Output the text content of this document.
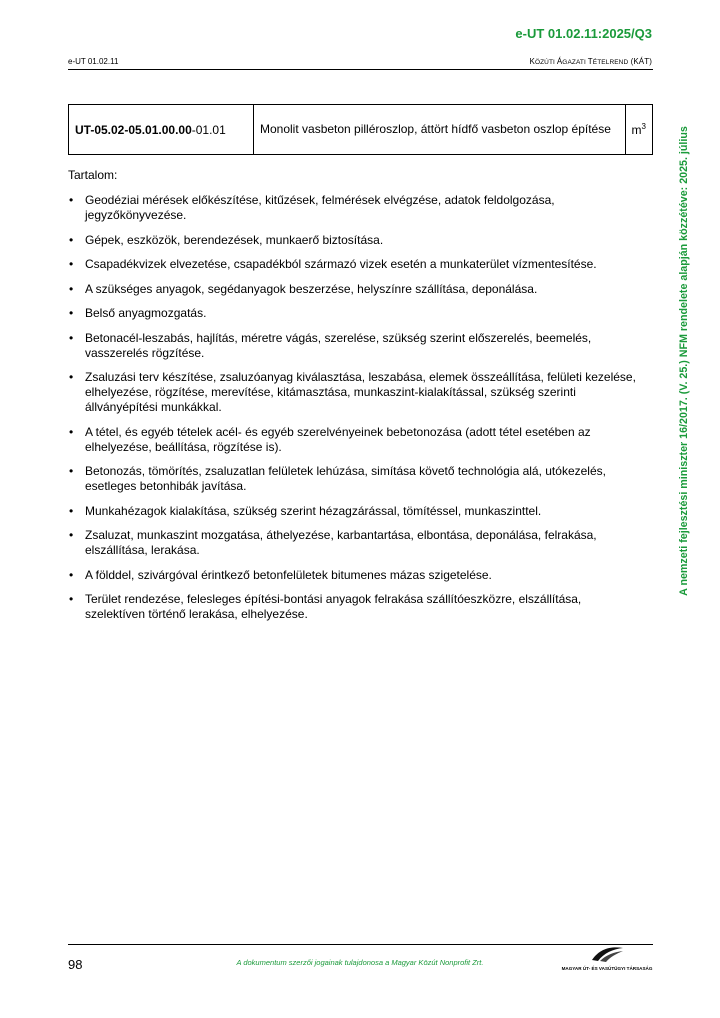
e-UT 01.02.11:2025/Q3
e-UT 01.02.11	KÖZÚTI ÁGAZATI TÉTELREND (KÁT)
UT-05.02-05.01.00.00-01.01	Monolit vasbeton pilléroszlop, áttört hídfő vasbeton oszlop építése	$m^3$
Tartalom:
• Geodéziai mérések előkészítése, kitűzések, felmérések elvégzése, adatok feldolgozása, jegyzőkönyvezése.
• Gépek, eszközök, berendezések, munkaerő biztosítása.
• Csapadékvizek elvezetése, csapadékból származó vizek esetén a munkaterület vízmentesítése.
• A szükséges anyagok, segédanyagok beszerzése, helyszínre szállítása, deponálása.
• Belső anyagmozgatás.
• Betonacél-leszabás, hajlítás, méretre vágás, szerelése, szükség szerint előszerelés, beemelés, vasszerelés rögzítése.
• Zsaluzási terv készítése, zsaluzóanyag kiválasztása, leszabása, elemek összeállítása, felületi kezelése, elhelyezése, rögzítése, merevítése, kitámasztása, munkaszint-kialakítással, szükség szerinti állványépítési munkákkal.
• A tétel, és egyéb tételek acél- és egyéb szerelvényeinek bebetonozása (adott tétel esetében az elhelyezése, beállítása, rögzítése is).
• Betonozás, tömörítés, zsaluzatlan felületek lehúzása, simítása követő technológia alá, utókezelés, esetleges betonhibák javítása.
• Munkahézagok kialakítása, szükség szerint hézagzárással, tömítéssel, munkaszinttel.
• Zsaluzat, munkaszint mozgatása, áthelyezése, karbantartása, elbontása, deponálása, felrakása, elszállítása, lerakása.
• A földdel, szivárgóval érintkező betonfelületek bitumenes mázas szigetelése.
• Terület rendezése, felesleges építési-bontási anyagok felrakása szállítóeszközre, elszállítása, szelektíven történő lerakása, elhelyezése.
A nemzeti fejlesztési miniszter 16/2017. (V. 25.) NFM rendelete alapján közzétéve: 2025. július
98	A dokumentum szerzői jogainak tulajdonosa a Magyar Közút Nonprofit Zrt.
MAGYAR ÚT- ÉS VASÚTÜGYI TÁRSASÁG
